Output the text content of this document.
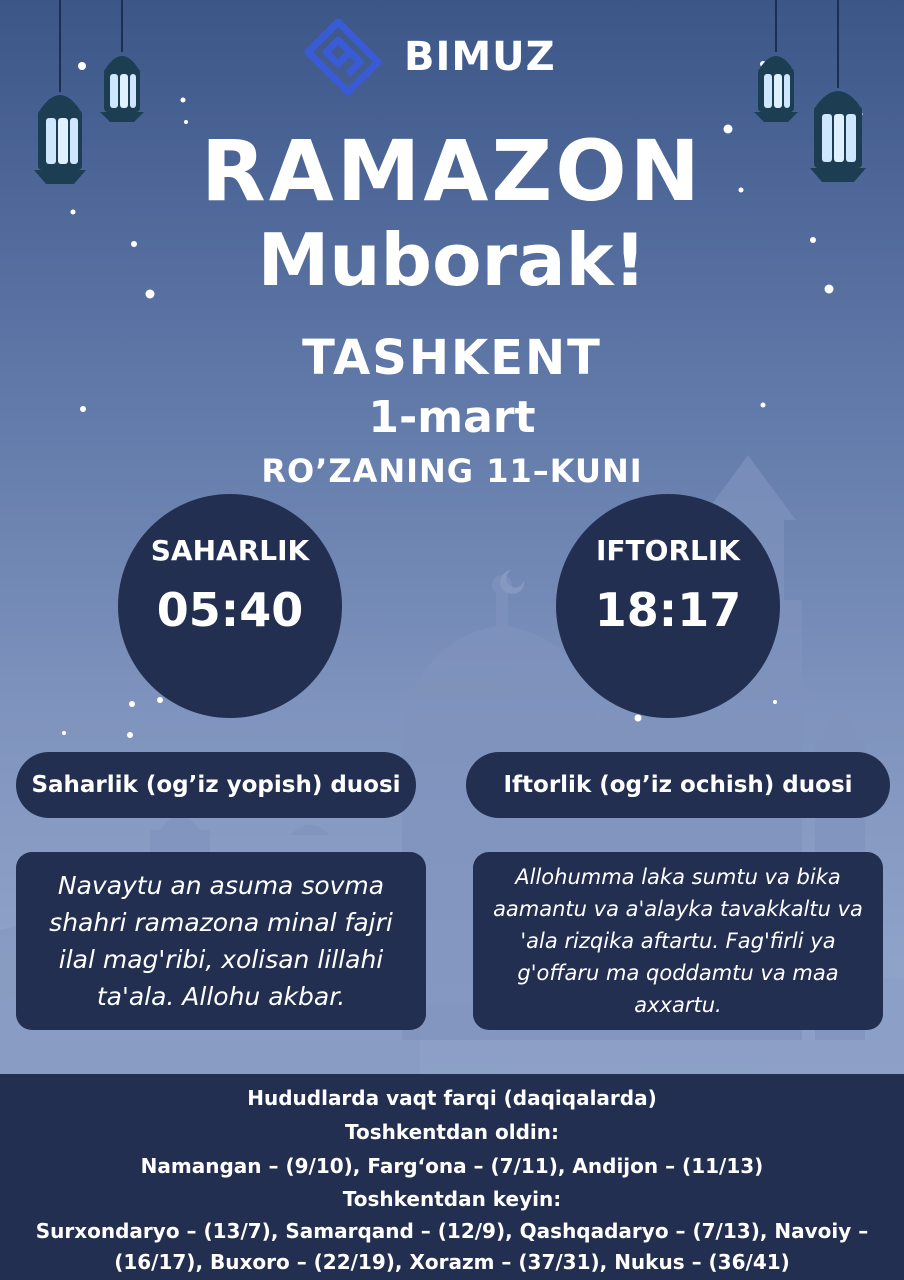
BIMUZ
RAMAZON
Muborak!
TASHKENT
1-mart
RO’ZANING 11–KUNI
SAHARLIK
05:40
IFTORLIK
18:17
Saharlik (og’iz yopish) duosi	Iftorlik (og’iz ochish) duosi
Navaytu an asuma sovma shahri ramazona minal fajri ilal mag'ribi, xolisan lillahi ta'ala. Allohu akbar.
Allohumma laka sumtu va bika aamantu va a'alayka tavakkaltu va 'ala rizqika aftartu. Fag'firli ya g'offaru ma qoddamtu va maa axxartu.
Hududlarda vaqt farqi (daqiqalarda)
Toshkentdan oldin:
Namangan – (9/10), Farg‘ona – (7/11), Andijon – (11/13)
Toshkentdan keyin:
Surxondaryo – (13/7), Samarqand – (12/9), Qashqadaryo – (7/13), Navoiy –
(16/17), Buxoro – (22/19), Xorazm – (37/31), Nukus – (36/41)
